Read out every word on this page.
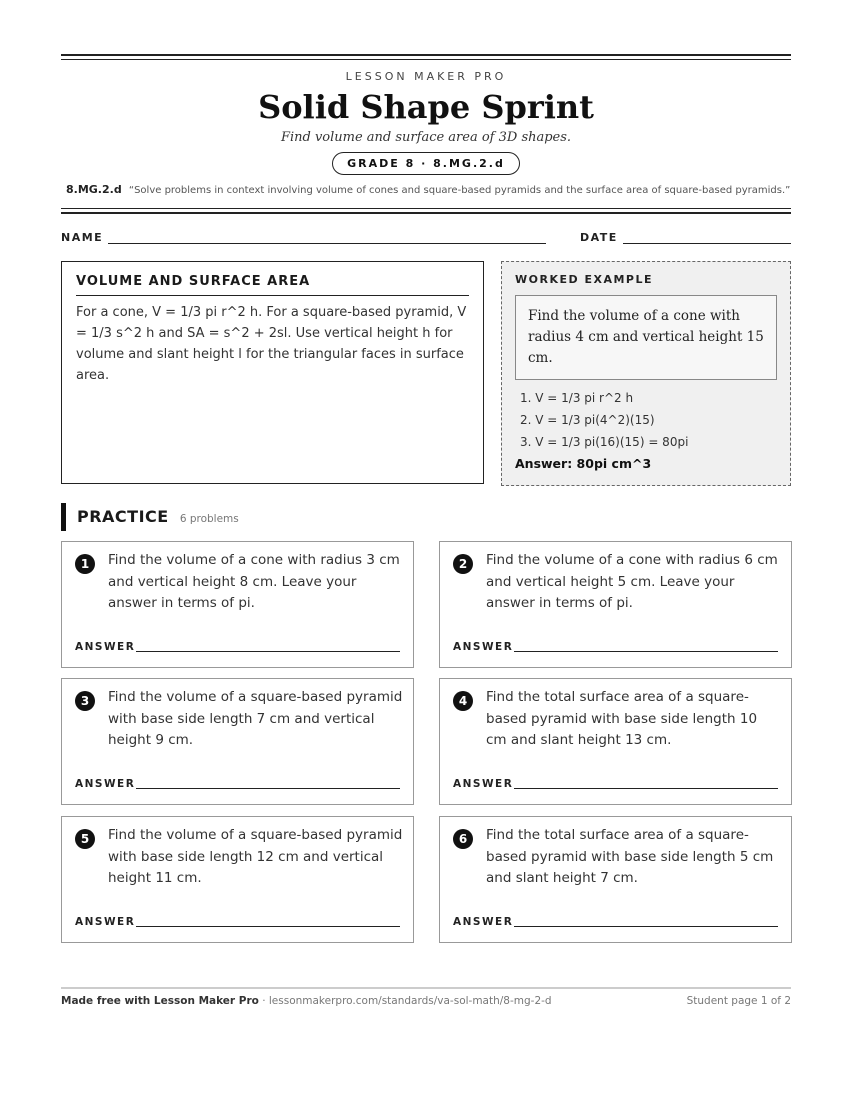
LESSON MAKER PRO
Solid Shape Sprint
Find volume and surface area of 3D shapes.
GRADE 8 · 8.MG.2.d
8.MG.2.d “Solve problems in context involving volume of cones and square-based pyramids and the surface area of square-based pyramids.”
NAME	DATE
VOLUME AND SURFACE AREA
For a cone, V = 1/3 pi r^2 h. For a square-based pyramid, V = 1/3 s^2 h and SA = s^2 + 2sl. Use vertical height h for volume and slant height l for the triangular faces in surface area.
WORKED EXAMPLE
Find the volume of a cone with radius 4 cm and vertical height 15 cm.
1. V = 1/3 pi r^2 h
2. V = 1/3 pi(4^2)(15)
3. V = 1/3 pi(16)(15) = 80pi
Answer: 80pi cm^3
PRACTICE 6 problems
1	Find the volume of a cone with radius 3 cm and vertical height 8 cm. Leave your answer in terms of pi.
ANSWER
2	Find the volume of a cone with radius 6 cm and vertical height 5 cm. Leave your answer in terms of pi.
ANSWER
3	Find the volume of a square-based pyramid with base side length 7 cm and vertical height 9 cm.
ANSWER
4	Find the total surface area of a square-based pyramid with base side length 10 cm and slant height 13 cm.
ANSWER
5	Find the volume of a square-based pyramid with base side length 12 cm and vertical height 11 cm.
ANSWER
6	Find the total surface area of a square-based pyramid with base side length 5 cm and slant height 7 cm.
ANSWER
Made free with Lesson Maker Pro · lessonmakerpro.com/standards/va-sol-math/8-mg-2-d	Student page 1 of 2
